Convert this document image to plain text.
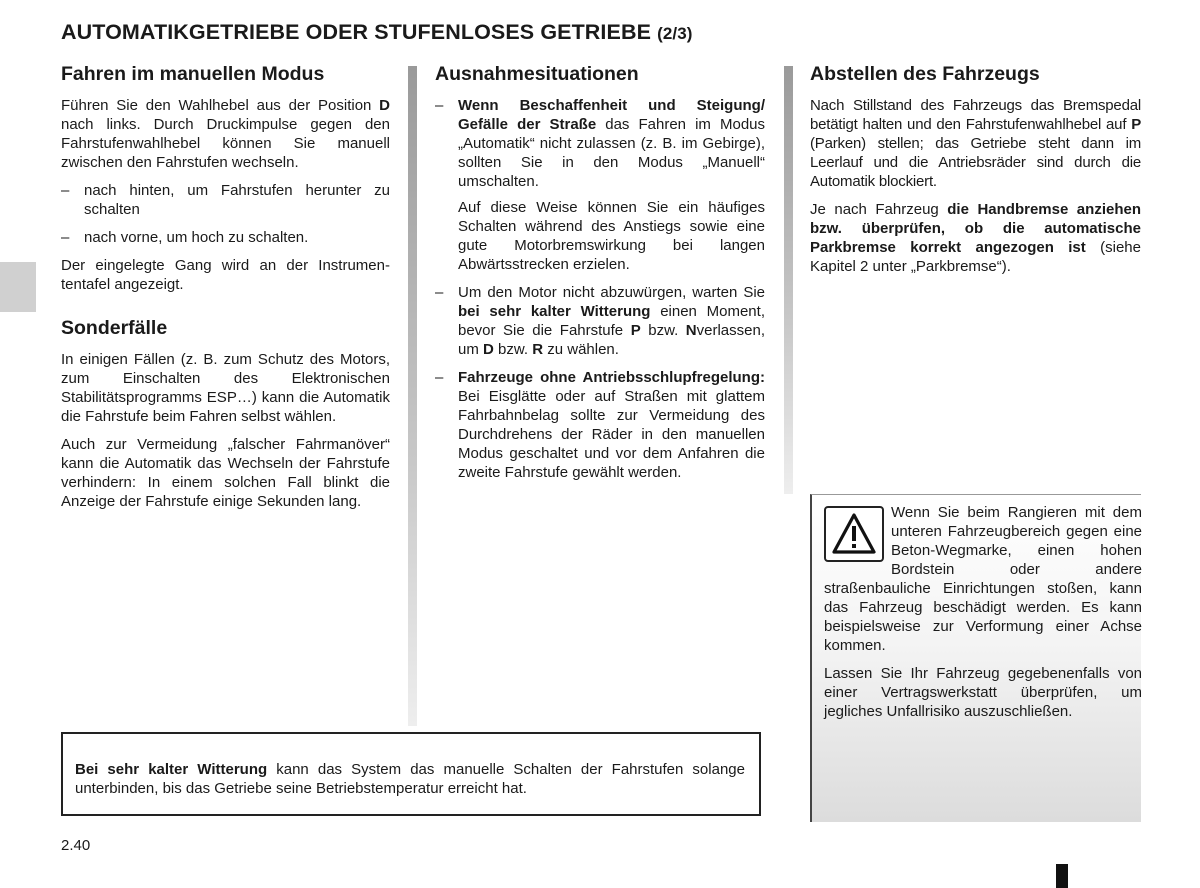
AUTOMATIKGETRIEBE ODER STUFENLOSES GETRIEBE (2/3)
Fahren im manuellen Modus

Führen Sie den Wahlhebel aus der Position D nach links. Durch Druckimpulse gegen den Fahrstufenwahlhebel können Sie manuell zwischen den Fahrstufen wechseln.

– nach hinten, um Fahrstufen herunter zu schalten
– nach vorne, um hoch zu schalten.

Der eingelegte Gang wird an der Instrumententafel angezeigt.

Sonderfälle

In einigen Fällen (z. B. zum Schutz des Motors, zum Einschalten des Elektronischen Stabilitätsprogramms ESP…) kann die Automatik die Fahrstufe beim Fahren selbst wählen.

Auch zur Vermeidung „falscher Fahrmanöver“ kann die Automatik das Wechseln der Fahrstufe verhindern: In einem solchen Fall blinkt die Anzeige der Fahrstufe einige Sekunden lang.

Ausnahmesituationen
– Wenn Beschaffenheit und Steigung/ Gefälle der Straße das Fahren im Modus „Automatik“ nicht zulassen (z. B. im Gebirge), sollten Sie in den Modus „Manuell“ umschalten.

Auf diese Weise können Sie ein häufiges Schalten während des Anstiegs sowie eine gute Motorbremswirkung bei langen Abwärtsstrecken erzielen.

– Um den Motor nicht abzuwürgen, warten Sie bei sehr kalter Witterung einen Moment, bevor Sie die Fahrstufe P bzw. Nverlassen, um D bzw. R zu wählen.
– Fahrzeuge ohne Antriebsschlupfregelung: Bei Eisglätte oder auf Straßen mit glattem Fahrbahnbelag sollte zur Vermeidung des Durchdrehens der Räder in den manuellen Modus geschaltet und vor dem Anfahren die zweite Fahrstufe gewählt werden.
Abstellen des Fahrzeugs

Nach Stillstand des Fahrzeugs das Bremspedal betätigt halten und den Fahrstufenwahlhebel auf P (Parken) stellen; das Getriebe steht dann im Leerlauf und die Antriebsräder sind durch die Automatik blockiert.

Je nach Fahrzeug die Handbremse anziehen bzw. überprüfen, ob die automatische Parkbremse korrekt angezogen ist (siehe Kapitel 2 unter „Parkbremse“).

Wenn Sie beim Rangieren mit dem unteren Fahrzeugbereich gegen eine Beton-Wegmarke, einen hohen Bordstein oder andere straßenbauliche Einrichtungen stoßen, kann das Fahrzeug beschädigt werden. Es kann beispielsweise zur Verformung einer Achse kommen.

Lassen Sie Ihr Fahrzeug gegebenenfalls von einer Vertragswerkstatt überprüfen, um jegliches Unfallrisiko auszuschließen.

Bei sehr kalter Witterung kann das System das manuelle Schalten der Fahrstufen solange unterbinden, bis das Getriebe seine Betriebstemperatur erreicht hat.

2.40
